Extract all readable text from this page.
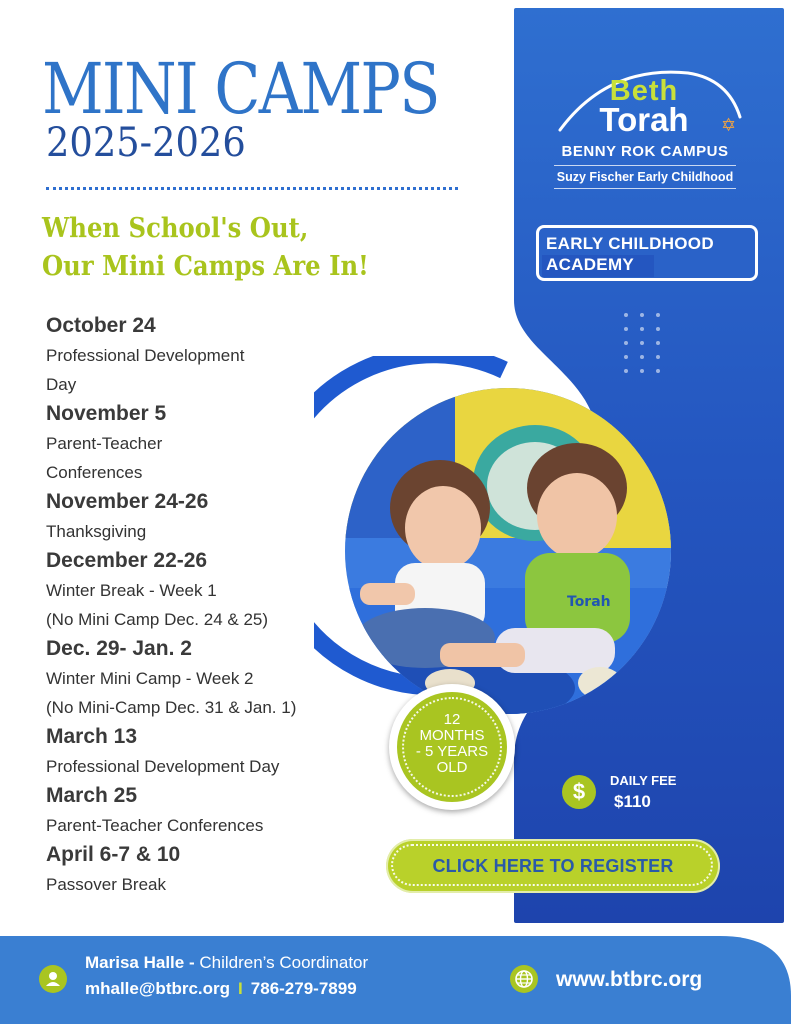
MINI CAMPS
2025-2026
When School's Out,
Our Mini Camps Are In!
October 24
Professional Development
Day
November 5
Parent-Teacher
Conferences
November 24-26
Thanksgiving
December 22-26
Winter Break - Week 1
(No Mini Camp Dec. 24 & 25)
Dec. 29- Jan. 2
Winter Mini Camp - Week 2
(No Mini-Camp Dec. 31 & Jan. 1)
March 13
Professional Development Day
March 25
Parent-Teacher Conferences
April 6-7 & 10
Passover Break
Beth
Torah	✡
BENNY ROK CAMPUS
Suzy Fischer Early Childhood
EARLY CHILDHOOD
ACADEMY
Torah
12
MONTHS
- 5 YEARS
OLD
$	DAILY FEE
$110
CLICK HERE TO REGISTER
Marisa Halle - Children’s Coordinator
mhalle@btbrc.org I 786-279-7899	www.btbrc.org
